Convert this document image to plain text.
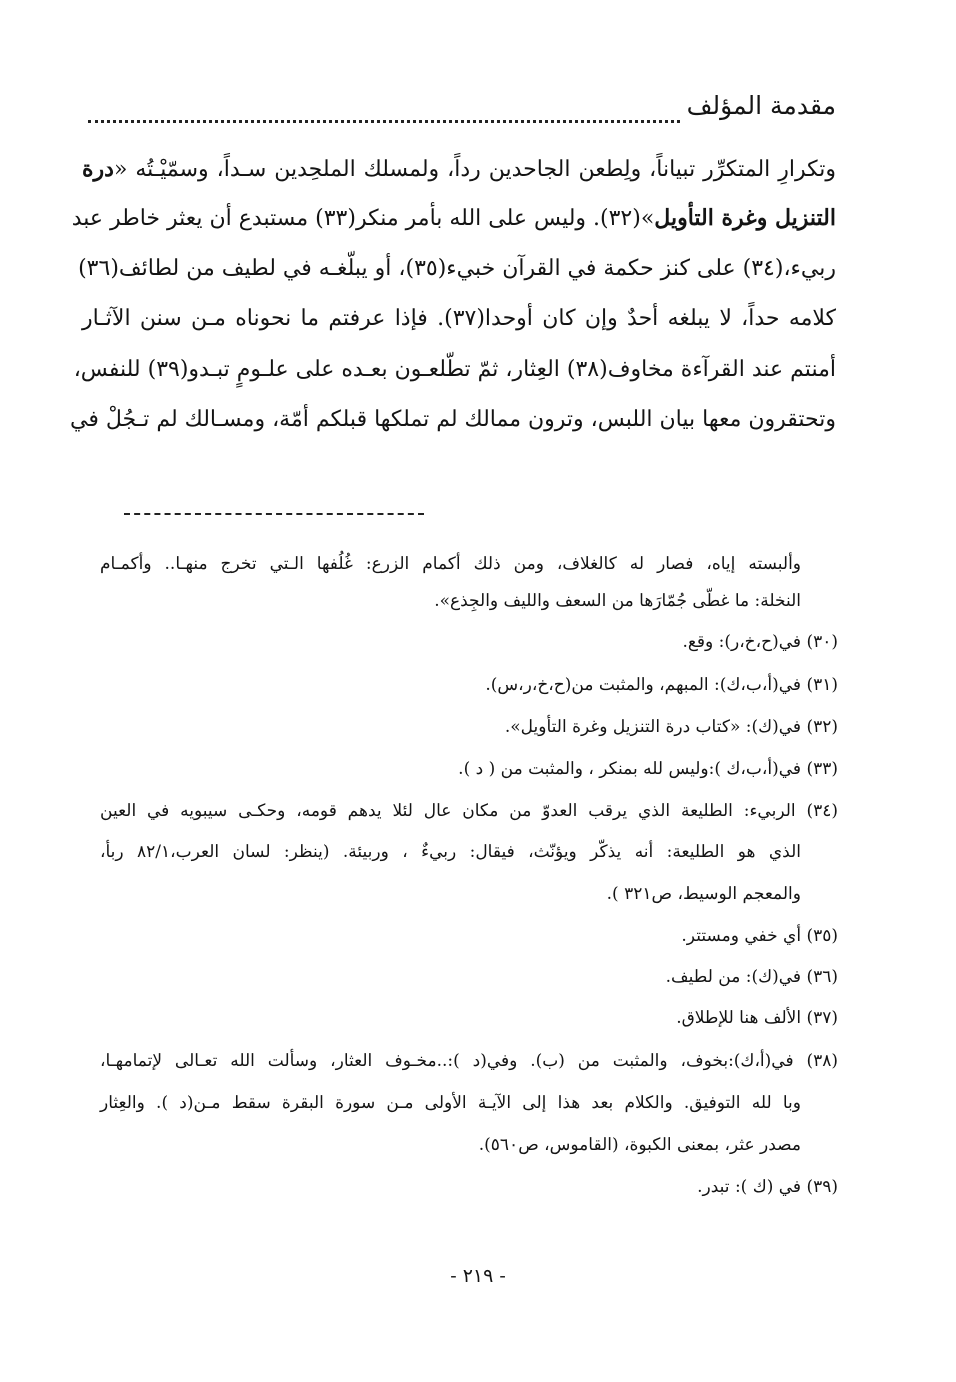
مقدمة المؤلف
وتكرارِ المتكرِّر تبياناً، ولِطعن الجاحدين رداً، ولمسلك الملحِدين سـداً، وسمّيْـتُه «درة
التنزيل وغرة التأويل»(٣٢). وليس على الله بأمر منكر(٣٣) مستبدع أن يعثر خاطر عبد
ربيء،(٣٤) على كنز حكمة في القرآن خبيء(٣٥)، أو يبلّغـه في لطيف من لطائف(٣٦)
كلامه حداً، لا يبلغه أحدٌ وإن كان أوحدا(٣٧). فإذا عرفتم ما نحوناه مـن سنن الآثـار
أمنتم عند القرآءة مخاوف(٣٨) العِثار، ثمّ تطّلعـون بعـده على علـومٍ تبـدو(٣٩) للنفس،
وتحتقرون معها بيان اللبس، وترون ممالك لم تملكها قبلكم أمّة، ومسـالك لم تـجُلْ في
وألبسته إياه، فصار له كالغلاف، ومن ذلك أكمام الزرع: غُلُفها الـتي تخرج منهـا.. وأكمـام
النخلة: ما غطّى جُمّارَها من السعف والليف والجِذع».
(٣٠) في(ح،خ،ر): وقع.
(٣١) في(أ،ب،ك): المبهم، والمثبت من(ح،خ،ر،س).
(٣٢) في(ك): «كتاب درة التنزيل وغرة التأويل».
(٣٣) في(أ،ب،ك ):وليس لله بمنكر ، والمثبت من ( د ).
(٣٤) الربيء: الطليعة الذي يرقب العدوّ من مكان عال لئلا يدهم قومه، وحكـى سيبويه في العين
الذي هو الطليعة: أنه يذكّر ويؤنّث، فيقال: ربيءٌ ، وربيئة. (ينظر: لسان العرب،٨٢/١ ربأ،
والمعجم الوسيط، ص٣٢١ ).
(٣٥) أي خفي ومستتر.
(٣٦) في(ك): من لطيف.
(٣٧) الألف هنا للإطلاق.
(٣٨) في(أ،ك):بخوف، والمثبت من (ب). وفي(د ):..مخـوف العثار، وسألت الله تعـالى لإتمامهـا،
وبا لله التوفيق. والكلام بعد هذا إلى الآيـة الأولى مـن سورة البقرة سقط مـن(د ). والعِثار
مصدر عثر، بمعنى الكبوة، (القاموس، ص٥٦٠).
(٣٩) في (ك ): تبدر.
- ٢١٩ -
